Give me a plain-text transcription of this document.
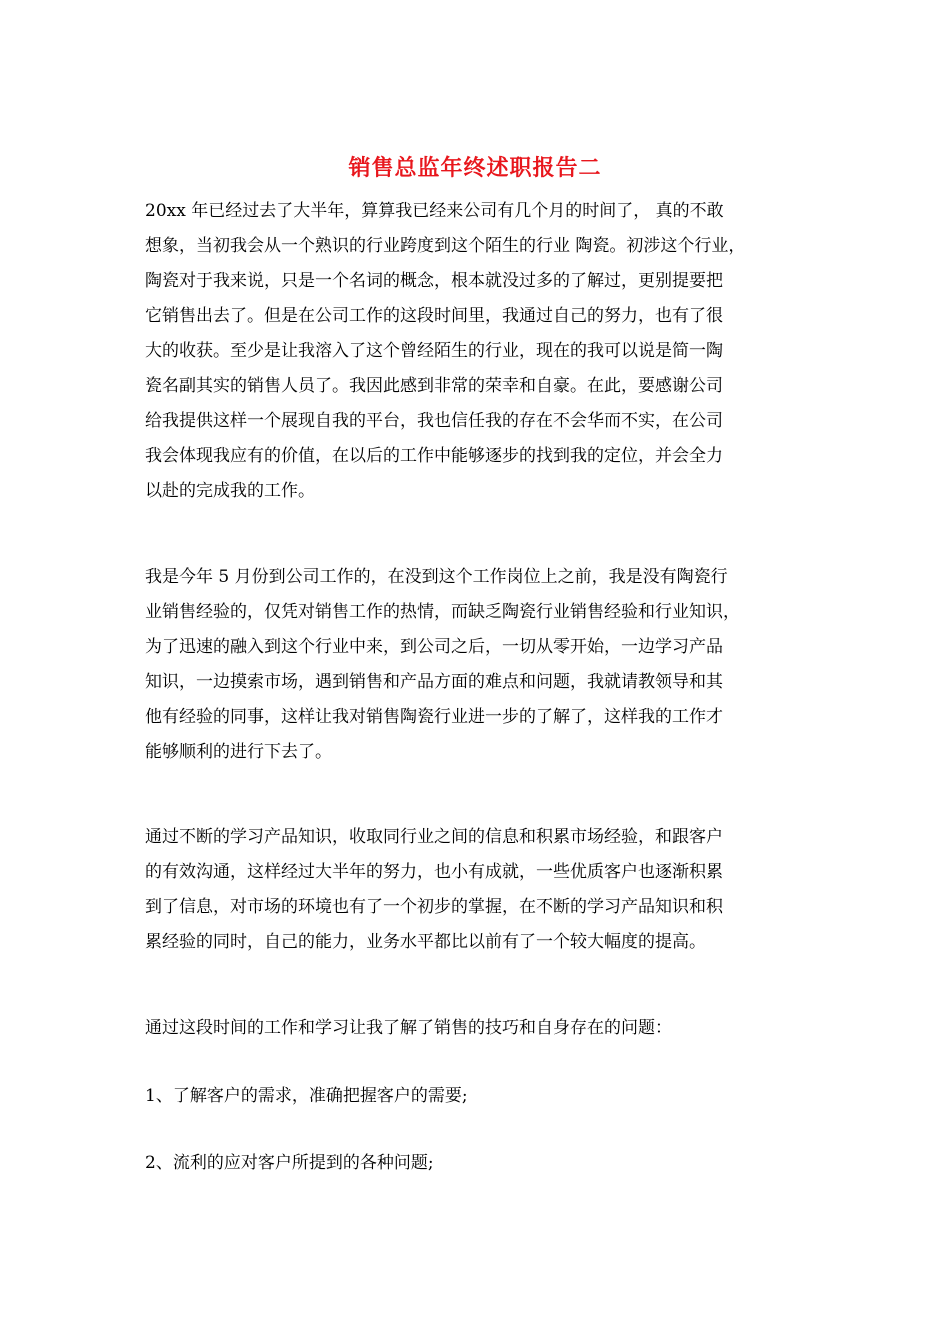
销售总监年终述职报告二
20xx 年已经过去了大半年，算算我已经来公司有几个月的时间了， 真的不敢
想象，当初我会从一个熟识的行业跨度到这个陌生的行业 陶瓷。初涉这个行业，
陶瓷对于我来说，只是一个名词的概念，根本就没过多的了解过，更别提要把
它销售出去了。但是在公司工作的这段时间里，我通过自己的努力，也有了很
大的收获。至少是让我溶入了这个曾经陌生的行业，现在的我可以说是简一陶
瓷名副其实的销售人员了。我因此感到非常的荣幸和自豪。在此，要感谢公司
给我提供这样一个展现自我的平台，我也信任我的存在不会华而不实，在公司
我会体现我应有的价值，在以后的工作中能够逐步的找到我的定位，并会全力
以赴的完成我的工作。
我是今年 5 月份到公司工作的，在没到这个工作岗位上之前，我是没有陶瓷行
业销售经验的，仅凭对销售工作的热情，而缺乏陶瓷行业销售经验和行业知识，
为了迅速的融入到这个行业中来，到公司之后，一切从零开始，一边学习产品
知识，一边摸索市场，遇到销售和产品方面的难点和问题，我就请教领导和其
他有经验的同事，这样让我对销售陶瓷行业进一步的了解了，这样我的工作才
能够顺利的进行下去了。
通过不断的学习产品知识，收取同行业之间的信息和积累市场经验，和跟客户
的有效沟通，这样经过大半年的努力，也小有成就，一些优质客户也逐渐积累
到了信息，对市场的环境也有了一个初步的掌握，在不断的学习产品知识和积
累经验的同时，自己的能力，业务水平都比以前有了一个较大幅度的提高。
通过这段时间的工作和学习让我了解了销售的技巧和自身存在的问题：
1、了解客户的需求，准确把握客户的需要;
2、流利的应对客户所提到的各种问题;
